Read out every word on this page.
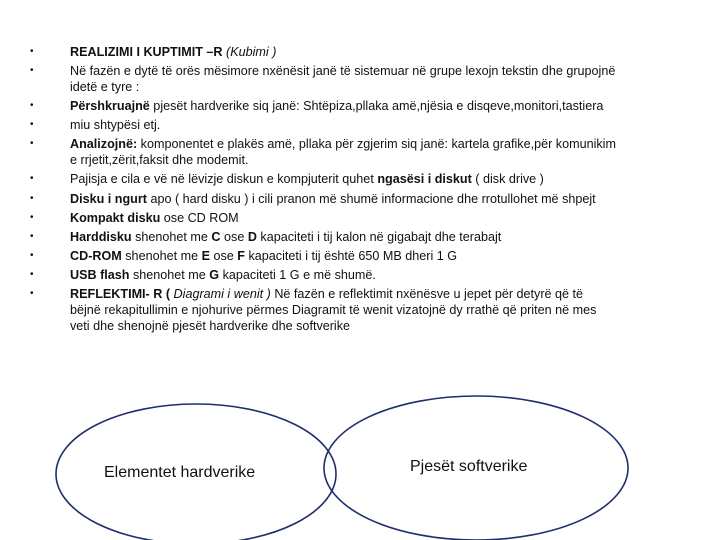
•	REALIZIMI I KUPTIMIT –R (Kubimi )
•	Në fazën e dytë të orës mësimore nxënësit janë të sistemuar në grupe lexojn tekstin dhe grupojnë
idetë e tyre :
•	Përshkruajnë pjesët hardverike siq janë: Shtëpiza,pllaka amë,njësia e disqeve,monitori,tastiera
•	miu shtypësi etj.
•	Analizojnë: komponentet e plakës amë, pllaka për zgjerim siq janë: kartela grafike,për komunikim
e rrjetit,zërit,faksit dhe modemit.
•	Pajisja e cila e vë në lëvizje diskun e kompjuterit quhet ngasësi i diskut ( disk drive )
•	Disku i ngurt apo ( hard disku ) i cili pranon më shumë informacione dhe rrotullohet më shpejt
•	Kompakt disku ose CD ROM
•	Harddisku shenohet me C ose D kapaciteti i tij kalon në gigabajt dhe terabajt
•	CD-ROM shenohet me E ose F kapaciteti i tij është 650 MB dheri 1 G
•	USB flash shenohet me G kapaciteti 1 G e më shumë.
•	REFLEKTIMI- R ( Diagrami i wenit ) Në fazën e reflektimit nxënësve u jepet për detyrë që të
bëjnë rekapitullimin e njohurive përmes Diagramit të wenit vizatojnë dy rrathë që priten në mes
veti dhe shenojnë pjesët hardverike dhe softverike
Elementet hardverike	Pjesët softverike
